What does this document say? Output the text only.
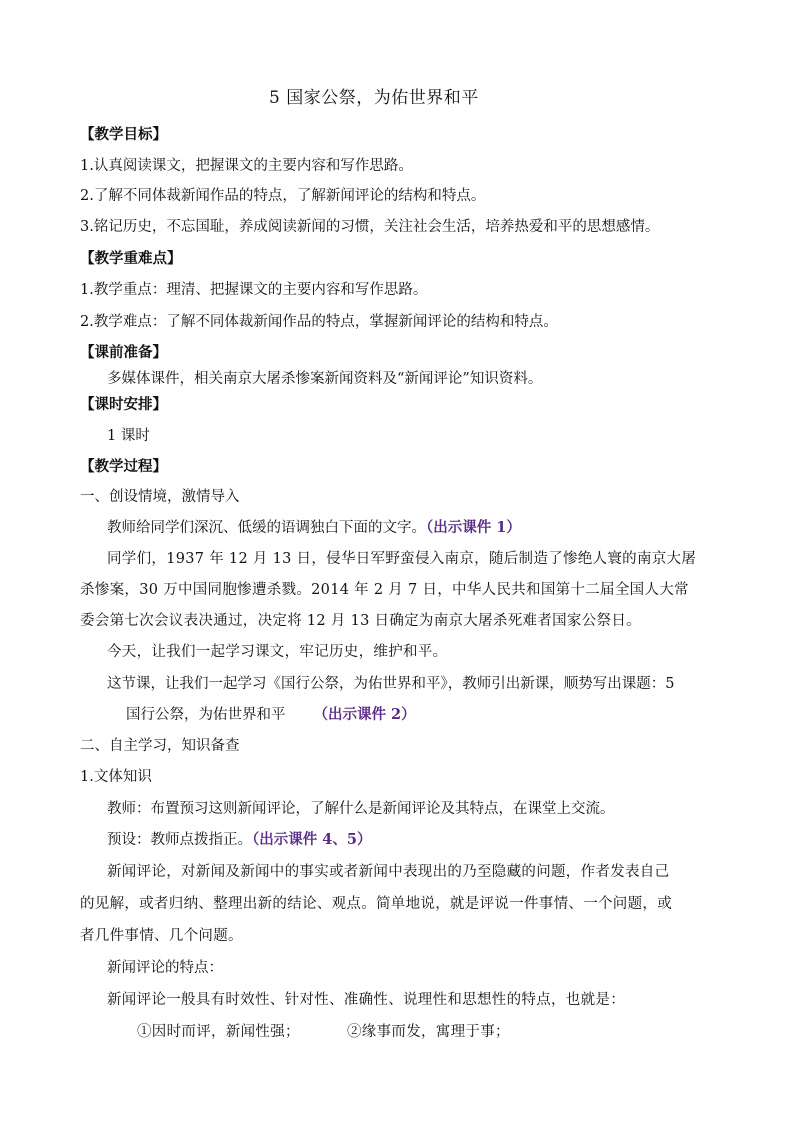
5 国家公祭，为佑世界和平
【教学目标】
1.认真阅读课文，把握课文的主要内容和写作思路。
2.了解不同体裁新闻作品的特点，了解新闻评论的结构和特点。
3.铭记历史，不忘国耻，养成阅读新闻的习惯，关注社会生活，培养热爱和平的思想感情。
【教学重难点】
1.教学重点：理清、把握课文的主要内容和写作思路。
2.教学难点：了解不同体裁新闻作品的特点，掌握新闻评论的结构和特点。
【课前准备】
多媒体课件，相关南京大屠杀惨案新闻资料及“新闻评论”知识资料。
【课时安排】
1 课时
【教学过程】
一、创设情境，激情导入
教师给同学们深沉、低缓的语调独白下面的文字。（出示课件 1）
同学们，1937 年 12 月 13 日，侵华日军野蛮侵入南京，随后制造了惨绝人寰的南京大屠
杀惨案，30 万中国同胞惨遭杀戮。2014 年 2 月 7 日，中华人民共和国第十二届全国人大常
委会第七次会议表决通过，决定将 12 月 13 日确定为南京大屠杀死难者国家公祭日。
今天，让我们一起学习课文，牢记历史，维护和平。
这节课，让我们一起学习《国行公祭，为佑世界和平》，教师引出新课，顺势写出课题：5
国行公祭，为佑世界和平 （出示课件 2）
二、自主学习，知识备查
1.文体知识
教师：布置预习这则新闻评论，了解什么是新闻评论及其特点，在课堂上交流。
预设：教师点拨指正。（出示课件 4、5）
新闻评论，对新闻及新闻中的事实或者新闻中表现出的乃至隐藏的问题，作者发表自己
的见解，或者归纳、整理出新的结论、观点。简单地说，就是评说一件事情、一个问题，或
者几件事情、几个问题。
新闻评论的特点：
新闻评论一般具有时效性、针对性、准确性、说理性和思想性的特点，也就是：
①因时而评，新闻性强；	②缘事而发，寓理于事；
